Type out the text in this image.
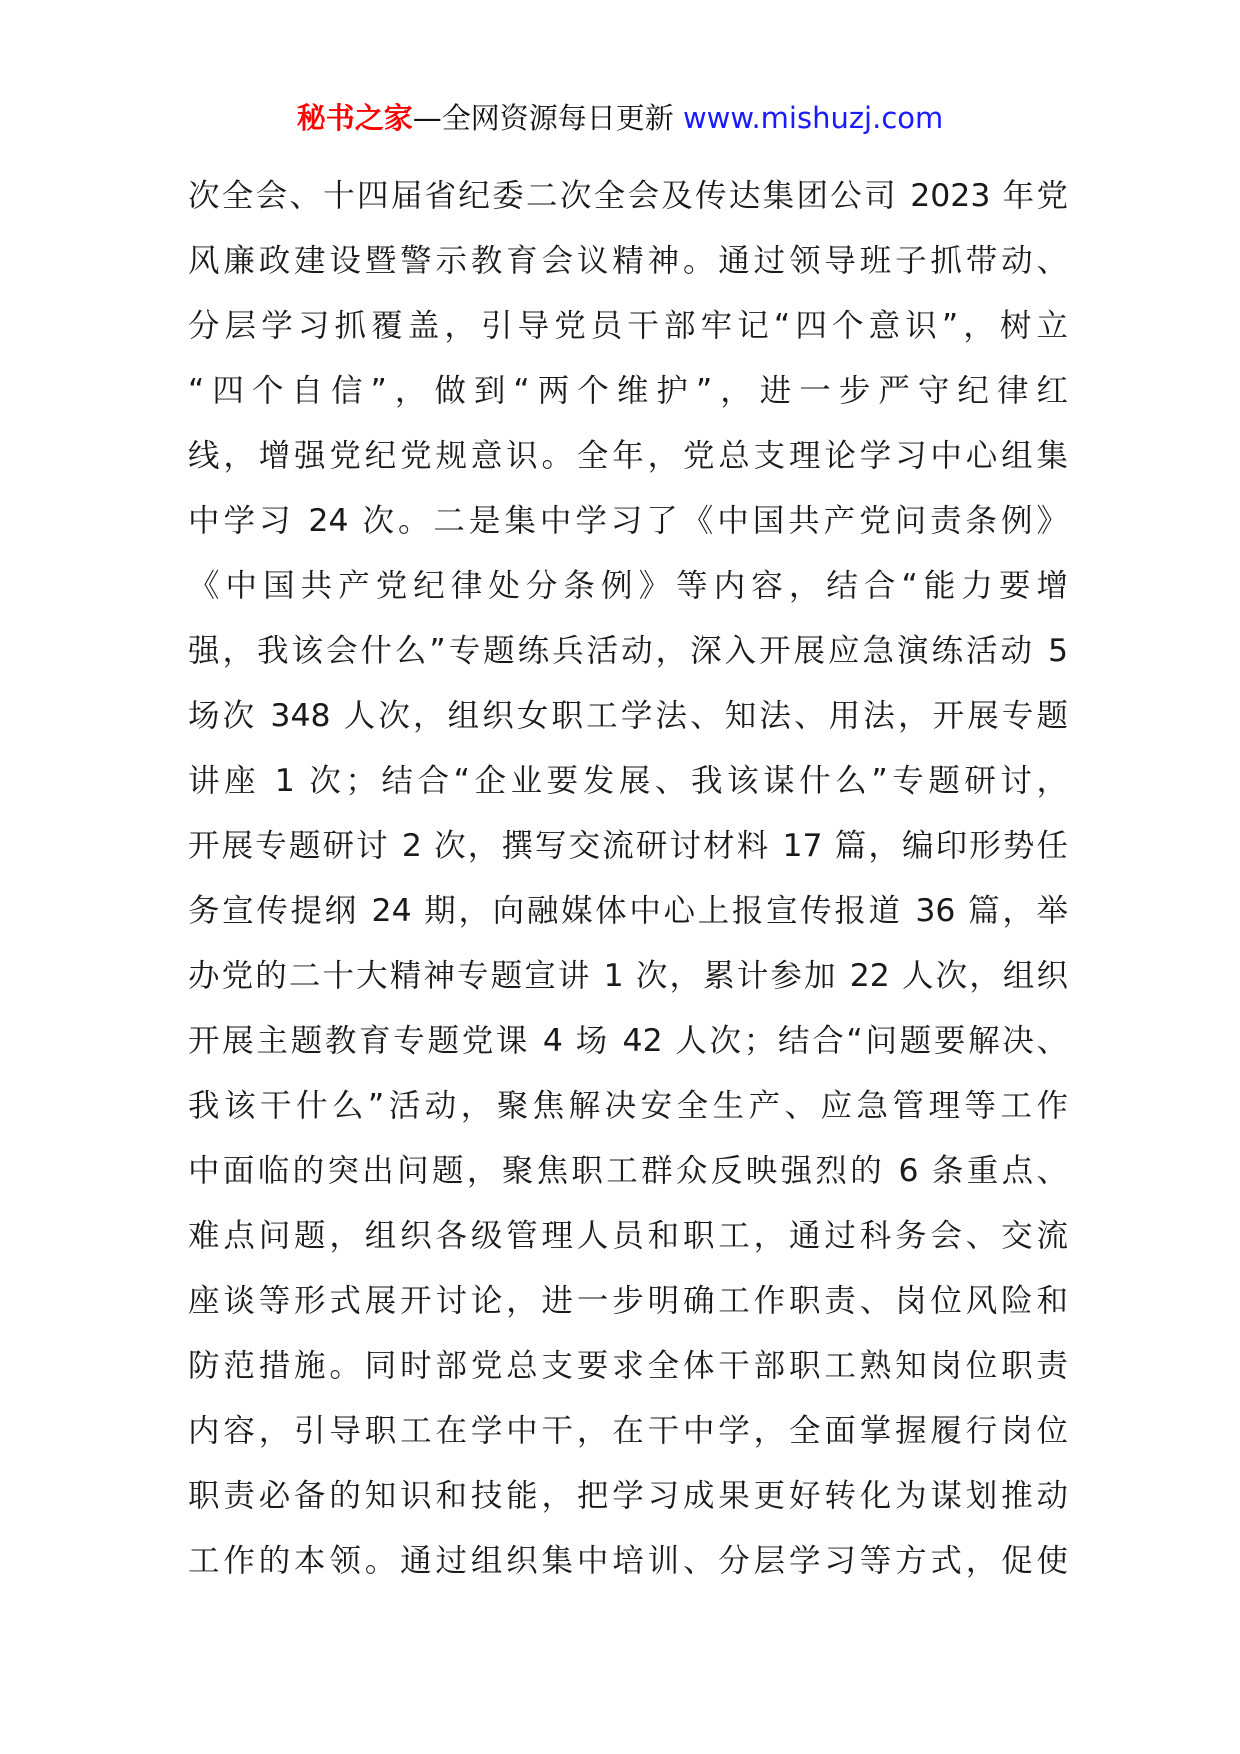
秘书之家—全网资源每日更新 www.mishuzj.com
次全会、十四届省纪委二次全会及传达集团公司 2023 年党
风廉政建设暨警示教育会议精神。通过领导班子抓带动、
分层学习抓覆盖，引导党员干部牢记“四个意识”，树立
“四个自信”，做到“两个维护”，进一步严守纪律红
线，增强党纪党规意识。全年，党总支理论学习中心组集
中学习 24 次。二是集中学习了《中国共产党问责条例》
《中国共产党纪律处分条例》等内容，结合“能力要增
强，我该会什么”专题练兵活动，深入开展应急演练活动 5
场次 348 人次，组织女职工学法、知法、用法，开展专题
讲座 1 次；结合“企业要发展、我该谋什么”专题研讨，
开展专题研讨 2 次，撰写交流研讨材料 17 篇，编印形势任
务宣传提纲 24 期，向融媒体中心上报宣传报道 36 篇，举
办党的二十大精神专题宣讲 1 次，累计参加 22 人次，组织
开展主题教育专题党课 4 场 42 人次；结合“问题要解决、
我该干什么”活动，聚焦解决安全生产、应急管理等工作
中面临的突出问题，聚焦职工群众反映强烈的 6 条重点、
难点问题，组织各级管理人员和职工，通过科务会、交流
座谈等形式展开讨论，进一步明确工作职责、岗位风险和
防范措施。同时部党总支要求全体干部职工熟知岗位职责
内容，引导职工在学中干，在干中学，全面掌握履行岗位
职责必备的知识和技能，把学习成果更好转化为谋划推动
工作的本领。通过组织集中培训、分层学习等方式，促使
